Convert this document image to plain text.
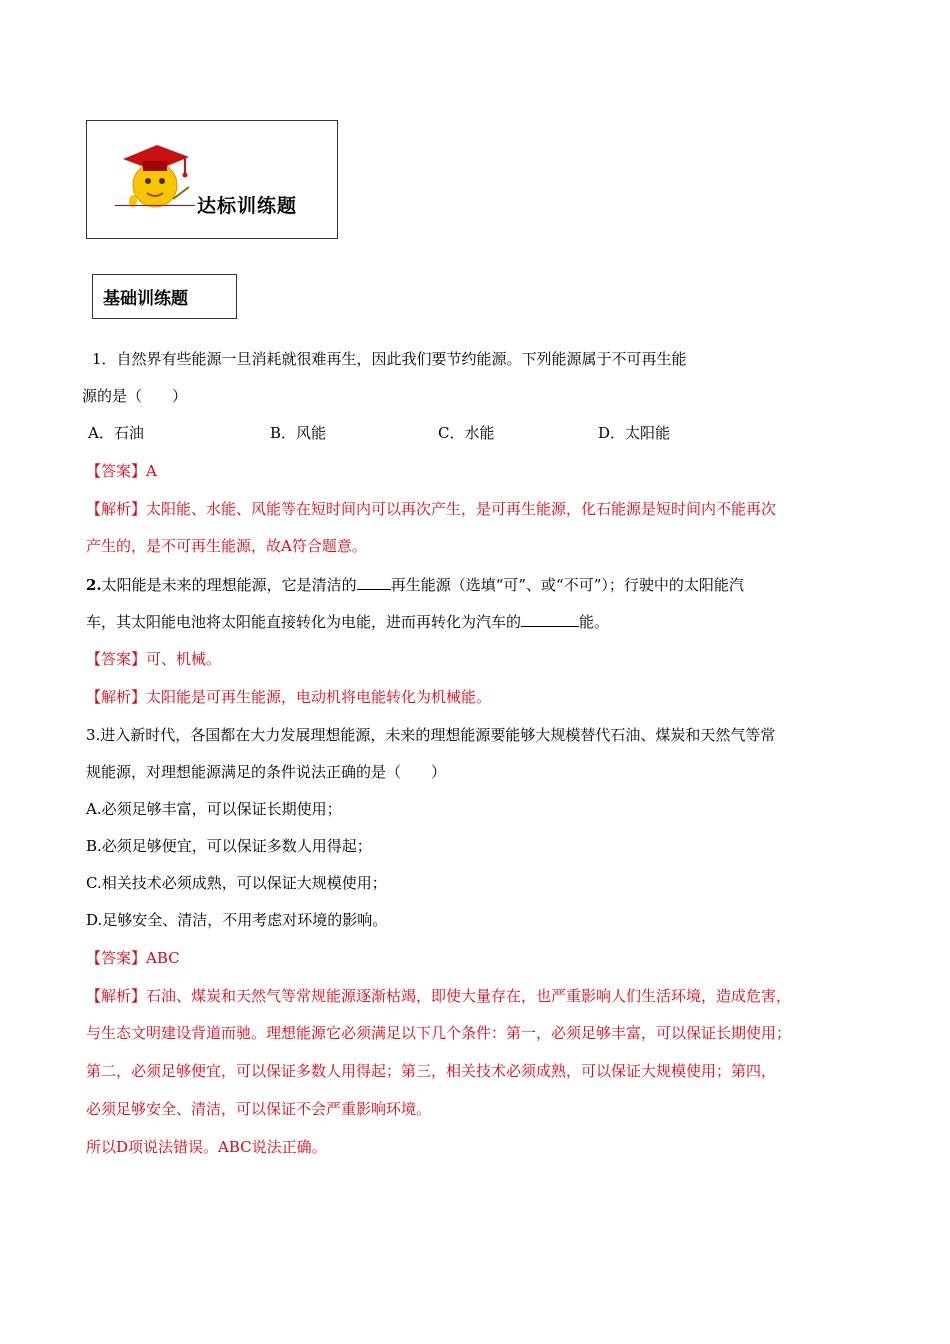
达标训练题
基础训练题
1．自然界有些能源一旦消耗就很难再生，因此我们要节约能源。下列能源属于不可再生能
源的是（　　）
A．石油	B．风能	C．水能	D．太阳能
【答案】A
【解析】太阳能、水能、风能等在短时间内可以再次产生，是可再生能源，化石能源是短时间内不能再次
产生的，是不可再生能源，故A符合题意。
2.太阳能是未来的理想能源，它是清洁的 再生能源（选填“可”、或“不可”）；行驶中的太阳能汽
车，其太阳能电池将太阳能直接转化为电能，进而再转化为汽车的	能。
【答案】可、机械。
【解析】太阳能是可再生能源，电动机将电能转化为机械能。
3.进入新时代，各国都在大力发展理想能源，未来的理想能源要能够大规模替代石油、煤炭和天然气等常
规能源，对理想能源满足的条件说法正确的是（　　）
A.必须足够丰富，可以保证长期使用；
B.必须足够便宜，可以保证多数人用得起；
C.相关技术必须成熟，可以保证大规模使用；
D.足够安全、清洁，不用考虑对环境的影响。
【答案】ABC
【解析】石油、煤炭和天然气等常规能源逐渐枯竭，即使大量存在，也严重影响人们生活环境，造成危害，
与生态文明建设背道而驰。理想能源它必须满足以下几个条件：第一，必须足够丰富，可以保证长期使用；
第二，必须足够便宜，可以保证多数人用得起；第三，相关技术必须成熟，可以保证大规模使用；第四，
必须足够安全、清洁，可以保证不会严重影响环境。
所以D项说法错误。ABC说法正确。
